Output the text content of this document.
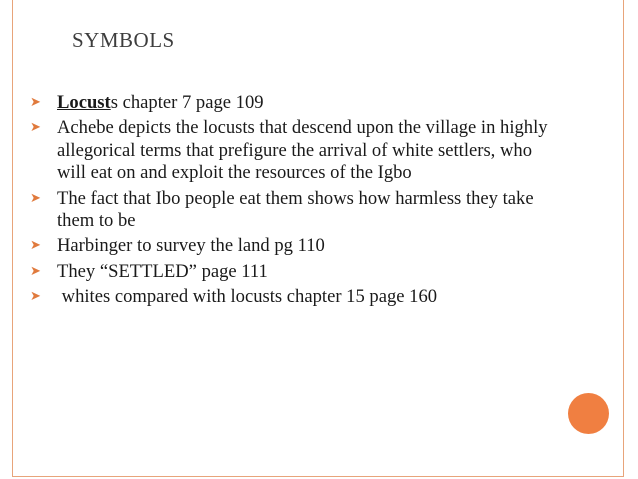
SYMBOLS
➤ Locusts chapter 7 page 109
➤ Achebe depicts the locusts that descend upon the village in highly allegorical terms that prefigure the arrival of white settlers, who will eat on and exploit the resources of the Igbo
➤ The fact that Ibo people eat them shows how harmless they take them to be
➤ Harbinger to survey the land pg 110
➤ They “SETTLED” page 111
➤ whites compared with locusts chapter 15 page 160
